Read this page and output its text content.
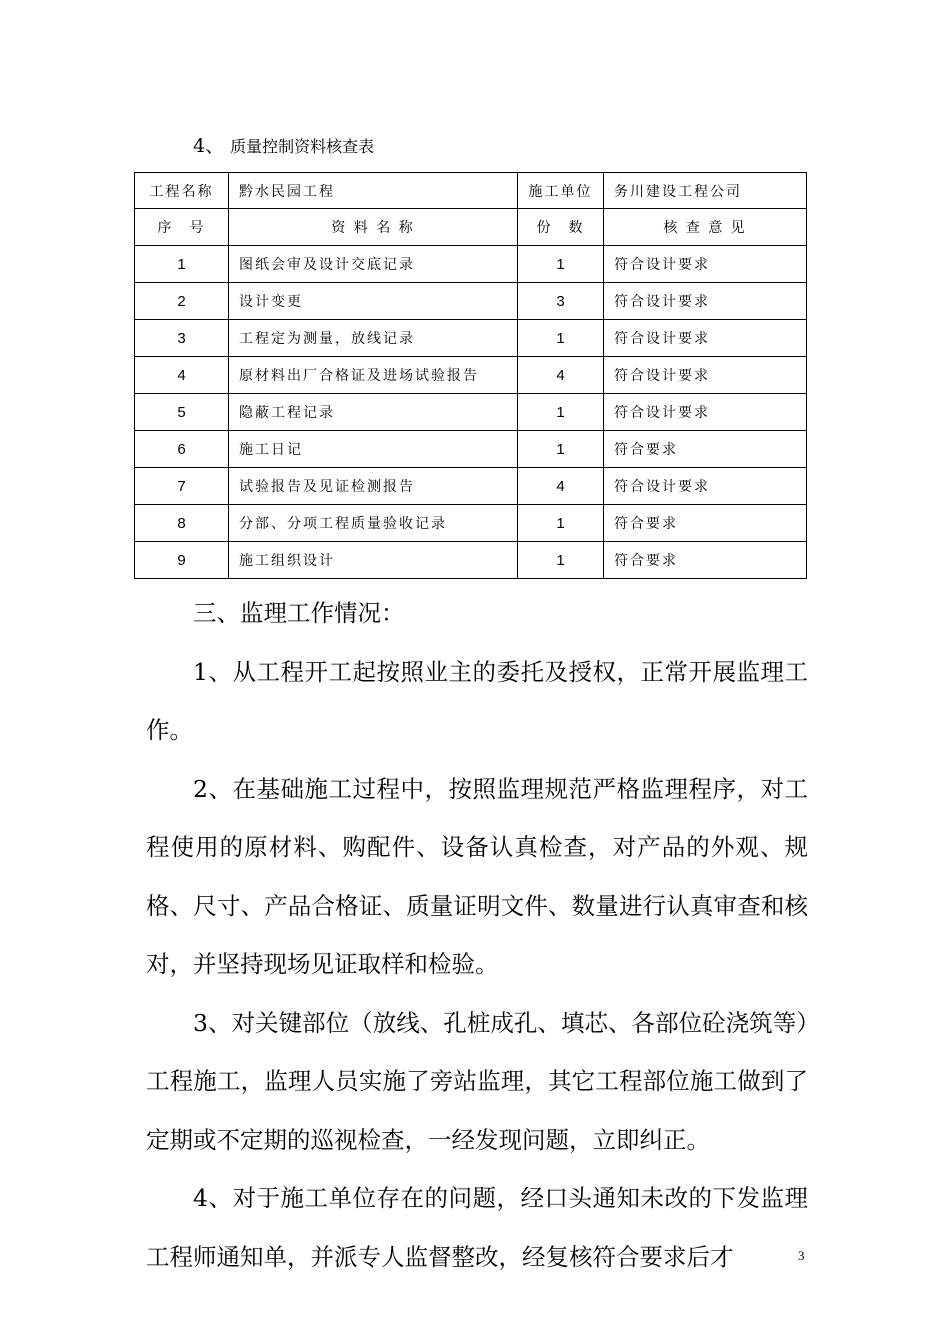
4、 质量控制资料核查表
工程名称	黔水民园工程	施工单位	务川建设工程公司
序　号	资 料 名 称	份　数	核 查 意 见
1	图纸会审及设计交底记录	1	符合设计要求
2	设计变更	3	符合设计要求
3	工程定为测量，放线记录	1	符合设计要求
4	原材料出厂合格证及进场试验报告	4	符合设计要求
5	隐蔽工程记录	1	符合设计要求
6	施工日记	1	符合要求
7	试验报告及见证检测报告	4	符合设计要求
8	分部、分项工程质量验收记录	1	符合要求
9	施工组织设计	1	符合要求

三、监理工作情况：

1、从工程开工起按照业主的委托及授权，正常开展监理工作。

2、在基础施工过程中，按照监理规范严格监理程序，对工程使用的原材料、购配件、设备认真检查，对产品的外观、规格、尺寸、产品合格证、质量证明文件、数量进行认真审查和核对，并坚持现场见证取样和检验。

3、对关键部位（放线、孔桩成孔、填芯、各部位砼浇筑等）工程施工，监理人员实施了旁站监理，其它工程部位施工做到了定期或不定期的巡视检查，一经发现问题，立即纠正。

4、对于施工单位存在的问题，经口头通知未改的下发监理工程师通知单，并派专人监督整改，经复核符合要求后才	3
